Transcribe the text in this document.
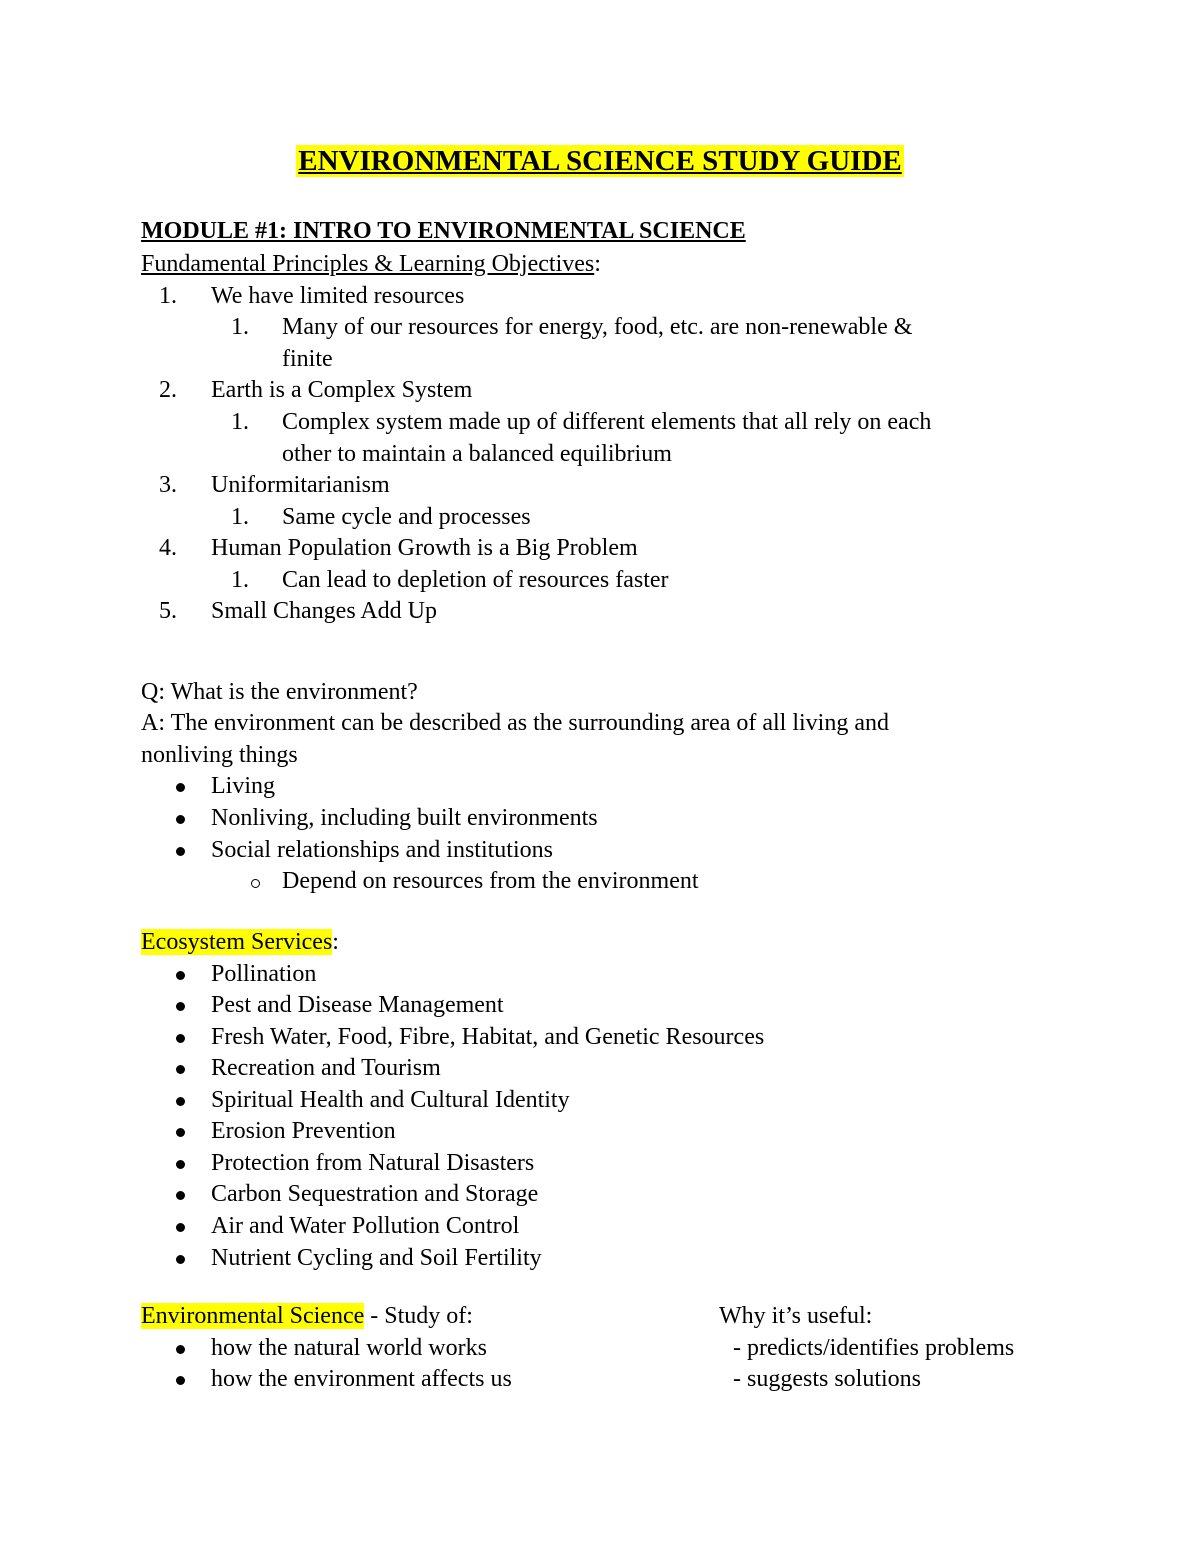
ENVIRONMENTAL SCIENCE STUDY GUIDE
MODULE #1: INTRO TO ENVIRONMENTAL SCIENCE
Fundamental Principles & Learning Objectives:
1. We have limited resources
1. Many of our resources for energy, food, etc. are non-renewable &
finite
2. Earth is a Complex System
1. Complex system made up of different elements that all rely on each
other to maintain a balanced equilibrium
3. Uniformitarianism
1. Same cycle and processes
4. Human Population Growth is a Big Problem
1. Can lead to depletion of resources faster
5. Small Changes Add Up
Q: What is the environment?
A: The environment can be described as the surrounding area of all living and
nonliving things
Living
Nonliving, including built environments
Social relationships and institutions
Depend on resources from the environment
Ecosystem Services:
Pollination
Pest and Disease Management
Fresh Water, Food, Fibre, Habitat, and Genetic Resources
Recreation and Tourism
Spiritual Health and Cultural Identity
Erosion Prevention
Protection from Natural Disasters
Carbon Sequestration and Storage
Air and Water Pollution Control
Nutrient Cycling and Soil Fertility
Environmental Science - Study of:
how the natural world works
how the environment affects us
Why it’s useful:
- predicts/identifies problems
- suggests solutions
